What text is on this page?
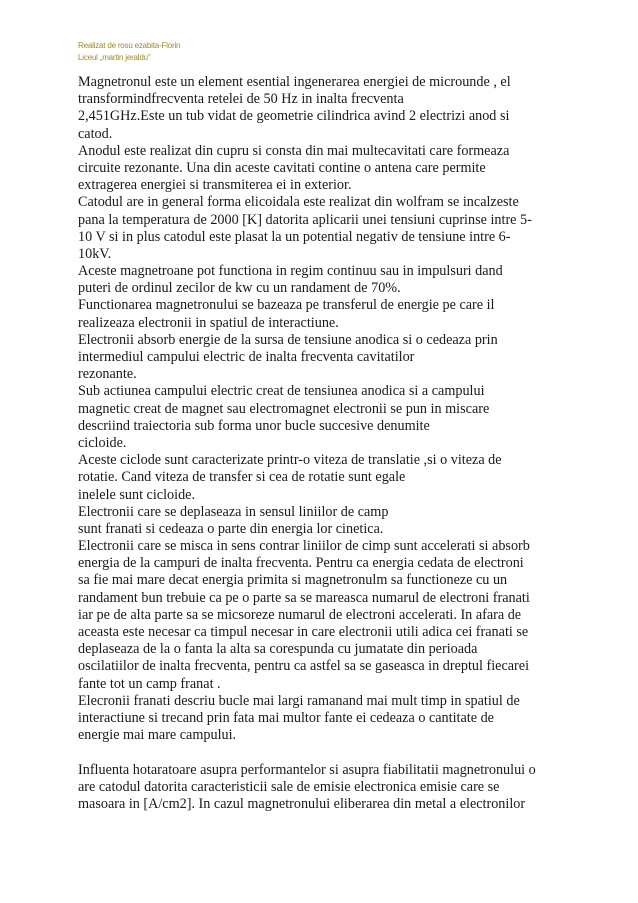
Realizat de rosu ezabita-Florin
Liceul „martin jeraldu"
Magnetronul este un element esential ingenerarea energiei de microunde , el
transformindfrecventa retelei de 50 Hz in inalta frecventa
2,451GHz.Este un tub vidat de geometrie cilindrica avind 2 electrizi anod si
catod.
Anodul este realizat din cupru si consta din mai multecavitati care formeaza
circuite rezonante. Una din aceste cavitati contine o antena care permite
extragerea energiei si transmiterea ei in exterior.
Catodul are in general forma elicoidala este realizat din wolfram se incalzeste
pana la temperatura de 2000 [K] datorita aplicarii unei tensiuni cuprinse intre 5-
10 V si in plus catodul este plasat la un potential negativ de tensiune intre 6-
10kV.
Aceste magnetroane pot functiona in regim continuu sau in impulsuri dand
puteri de ordinul zecilor de kw cu un randament de 70%.
Functionarea magnetronului se bazeaza pe transferul de energie pe care il
realizeaza electronii in spatiul de interactiune.
Electronii absorb energie de la sursa de tensiune anodica si o cedeaza prin
intermediul campului electric de inalta frecventa cavitatilor
rezonante.
Sub actiunea campului electric creat de tensiunea anodica si a campului
magnetic creat de magnet sau electromagnet electronii se pun in miscare
descriind traiectoria sub forma unor bucle succesive denumite
cicloide.
Aceste ciclode sunt caracterizate printr-o viteza de translatie ,si o viteza de
rotatie. Cand viteza de transfer si cea de rotatie sunt egale
inelele sunt cicloide.
Electronii care se deplaseaza in sensul liniilor de camp
sunt franati si cedeaza o parte din energia lor cinetica.
Electronii care se misca in sens contrar liniilor de cimp sunt accelerati si absorb
energia de la campuri de inalta frecventa. Pentru ca energia cedata de electroni
sa fie mai mare decat energia primita si magnetronulm sa functioneze cu un
randament bun trebuie ca pe o parte sa se mareasca numarul de electroni franati
iar pe de alta parte sa se micsoreze numarul de electroni accelerati. In afara de
aceasta este necesar ca timpul necesar in care electronii utili adica cei franati se
deplaseaza de la o fanta la alta sa corespunda cu jumatate din perioada
oscilatiilor de inalta frecventa, pentru ca astfel sa se gaseasca in dreptul fiecarei
fante tot un camp franat .
Elecronii franati descriu bucle mai largi ramanand mai mult timp in spatiul de
interactiune si trecand prin fata mai multor fante ei cedeaza o cantitate de
energie mai mare campului.
Influenta hotaratoare asupra performantelor si asupra fiabilitatii magnetronului o
are catodul datorita caracteristicii sale de emisie electronica emisie care se
masoara in [A/cm2]. In cazul magnetronului eliberarea din metal a electronilor
